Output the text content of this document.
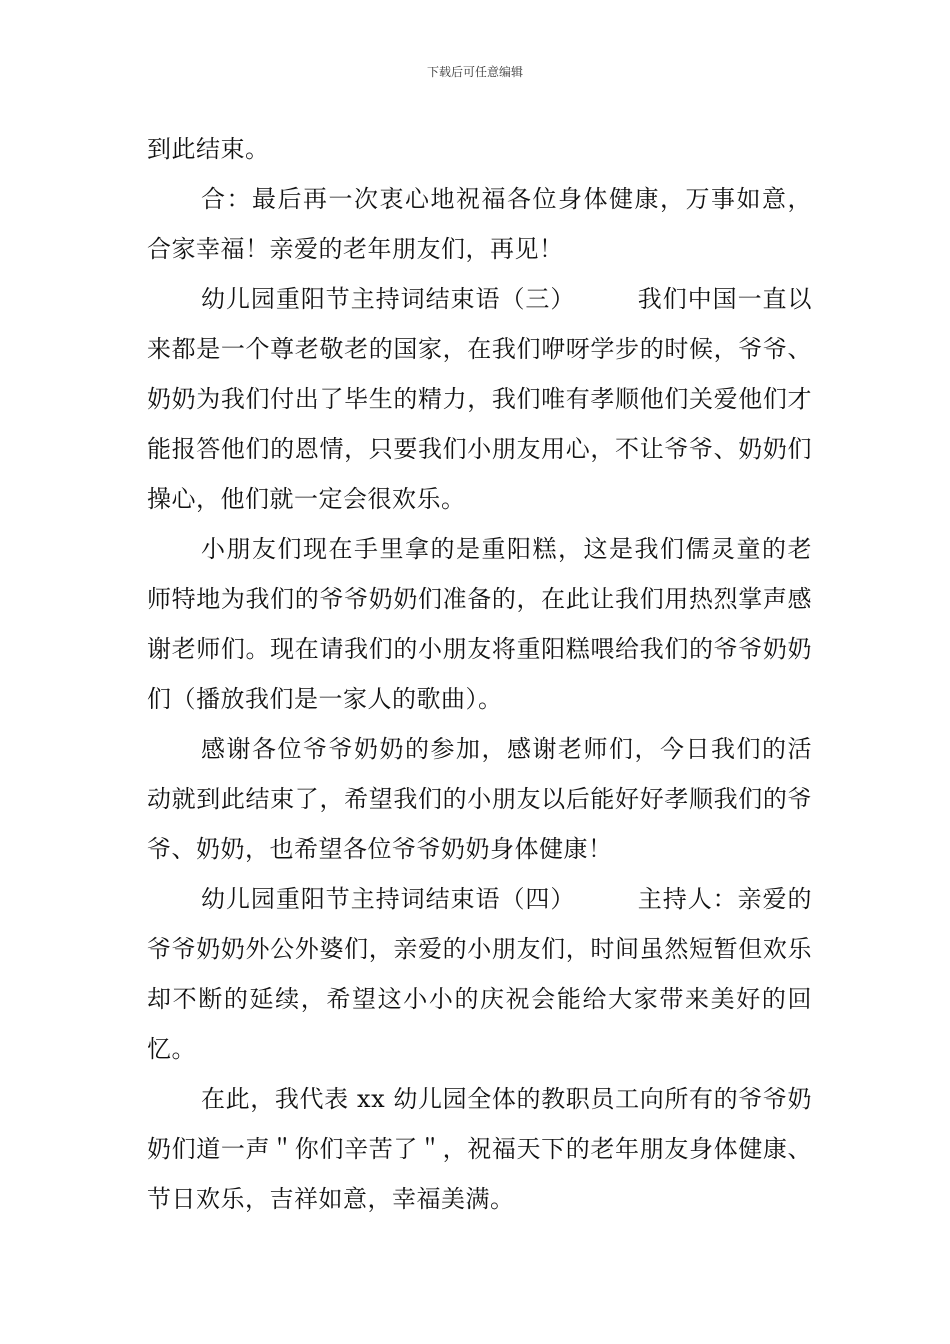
下载后可任意编辑

到此结束。

合：最后再一次衷心地祝福各位身体健康，万事如意，合家幸福！亲爱的老年朋友们，再见！

幼儿园重阳节主持词结束语（三）	我们中国一直以来都是一个尊老敬老的国家，在我们咿呀学步的时候，爷爷、奶奶为我们付出了毕生的精力，我们唯有孝顺他们关爱他们才能报答他们的恩情，只要我们小朋友用心，不让爷爷、奶奶们操心，他们就一定会很欢乐。

小朋友们现在手里拿的是重阳糕，这是我们儒灵童的老师特地为我们的爷爷奶奶们准备的，在此让我们用热烈掌声感谢老师们。现在请我们的小朋友将重阳糕喂给我们的爷爷奶奶们（播放我们是一家人的歌曲）。

感谢各位爷爷奶奶的参加，感谢老师们，今日我们的活动就到此结束了，希望我们的小朋友以后能好好孝顺我们的爷爷、奶奶，也希望各位爷爷奶奶身体健康！

幼儿园重阳节主持词结束语（四）	主持人：亲爱的爷爷奶奶外公外婆们，亲爱的小朋友们，时间虽然短暂但欢乐却不断的延续，希望这小小的庆祝会能给大家带来美好的回忆。

在此，我代表 xx 幼儿园全体的教职员工向所有的爷爷奶奶们道一声＂你们辛苦了＂，祝福天下的老年朋友身体健康、节日欢乐，吉祥如意，幸福美满。
